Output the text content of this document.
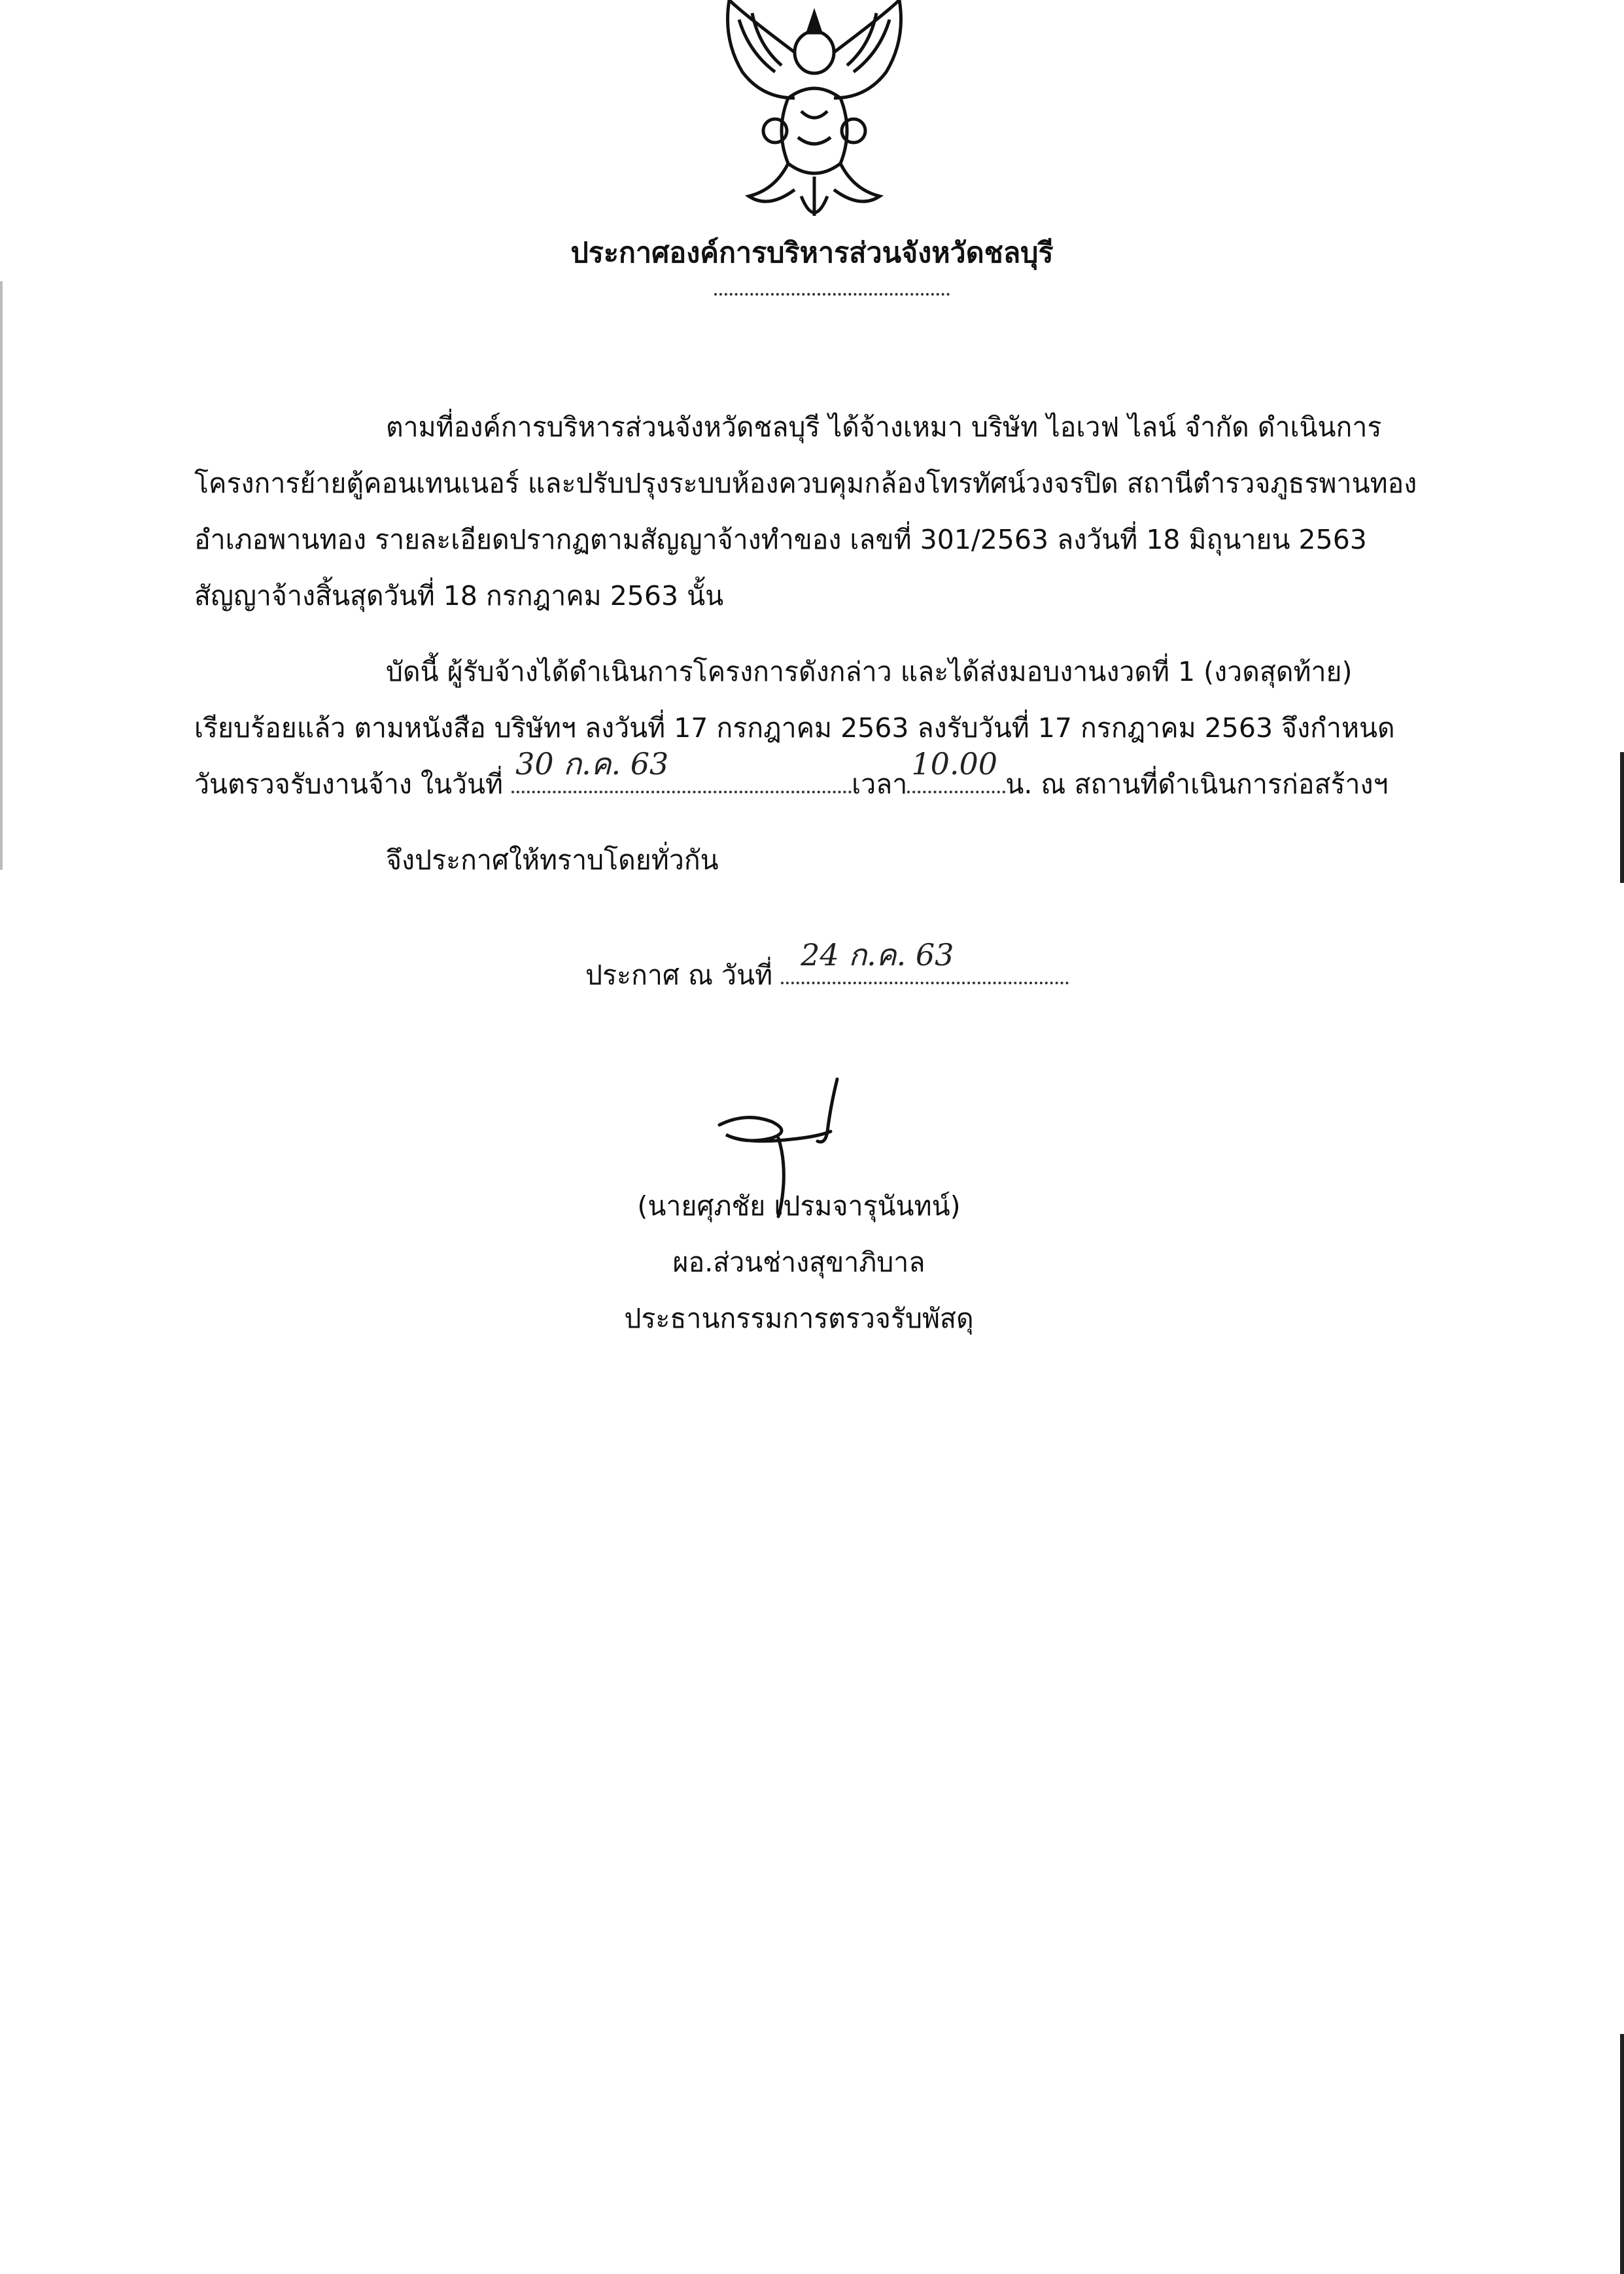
ประกาศองค์การบริหารส่วนจังหวัดชลบุรี
ตามที่องค์การบริหารส่วนจังหวัดชลบุรี ได้จ้างเหมา บริษัท ไอเวฟ ไลน์ จำกัด ดำเนินการ
โครงการย้ายตู้คอนเทนเนอร์ และปรับปรุงระบบห้องควบคุมกล้องโทรทัศน์วงจรปิด สถานีตำรวจภูธรพานทอง
อำเภอพานทอง รายละเอียดปรากฏตามสัญญาจ้างทำของ เลขที่ 301/2563 ลงวันที่ 18 มิถุนายน 2563
สัญญาจ้างสิ้นสุดวันที่ 18 กรกฎาคม 2563 นั้น
บัดนี้ ผู้รับจ้างได้ดำเนินการโครงการดังกล่าว และได้ส่งมอบงานงวดที่ 1 (งวดสุดท้าย)
เรียบร้อยแล้ว ตามหนังสือ บริษัทฯ ลงวันที่ 17 กรกฎาคม 2563 ลงรับวันที่ 17 กรกฎาคม 2563 จึงกำหนด
วันตรวจรับงานจ้าง ในวันที่
30 ก.ค. 63
เวลา
10.00
น. ณ สถานที่ดำเนินการก่อสร้างฯ
จึงประกาศให้ทราบโดยทั่วกัน
ประกาศ ณ วันที่
24 ก.ค. 63
(นายศุภชัย เปรมจารุนันทน์)
ผอ.ส่วนช่างสุขาภิบาล
ประธานกรรมการตรวจรับพัสดุ
